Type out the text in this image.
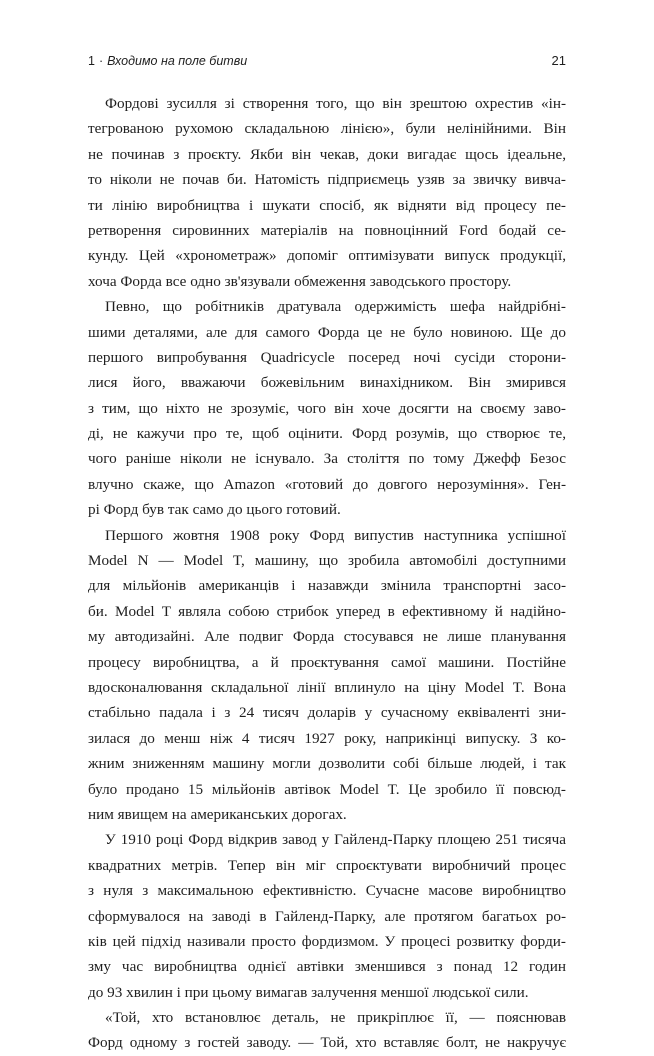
1 · Входимо на поле битви	21
Фордові зусилля зі створення того, що він зрештою охрестив «ін-
тегрованою рухомою складальною лінією», були нелінійними. Він
не починав з проєкту. Якби він чекав, доки вигадає щось ідеальне,
то ніколи не почав би. Натомість підприємець узяв за звичку вивча-
ти лінію виробництва і шукати спосіб, як відняти від процесу пе-
ретворення сировинних матеріалів на повноцінний Ford бодай се-
кунду. Цей «хронометраж» допоміг оптимізувати випуск продукції,
хоча Форда все одно зв'язували обмеження заводського простору.
Певно, що робітників дратувала одержимість шефа найдрібні-
шими деталями, але для самого Форда це не було новиною. Ще до
першого випробування Quadricycle посеред ночі сусіди сторони-
лися його, вважаючи божевільним винахідником. Він змирився
з тим, що ніхто не зрозуміє, чого він хоче досягти на своєму заво-
ді, не кажучи про те, щоб оцінити. Форд розумів, що створює те,
чого раніше ніколи не існувало. За століття по тому Джефф Безос
влучно скаже, що Amazon «готовий до довгого нерозуміння». Ген-
рі Форд був так само до цього готовий.
Першого жовтня 1908 року Форд випустив наступника успішної
Model N — Model T, машину, що зробила автомобілі доступними
для мільйонів американців і назавжди змінила транспортні засо-
би. Model T являла собою стрибок уперед в ефективному й надійно-
му автодизайні. Але подвиг Форда стосувався не лише планування
процесу виробництва, а й проєктування самої машини. Постійне
вдосконалювання складальної лінії вплинуло на ціну Model T. Вона
стабільно падала і з 24 тисяч доларів у сучасному еквіваленті зни-
зилася до менш ніж 4 тисяч 1927 року, наприкінці випуску. З ко-
жним зниженням машину могли дозволити собі більше людей, і так
було продано 15 мільйонів автівок Model T. Це зробило її повсюд-
ним явищем на американських дорогах.
У 1910 році Форд відкрив завод у Гайленд-Парку площею 251 тисяча
квадратних метрів. Тепер він міг спроєктувати виробничий процес
з нуля з максимальною ефективністю. Сучасне масове виробництво
сформувалося на заводі в Гайленд-Парку, але протягом багатьох ро-
ків цей підхід називали просто фордизмом. У процесі розвитку форди-
зму час виробництва однієї автівки зменшився з понад 12 годин
до 93 хвилин і при цьому вимагав залучення меншої людської сили.
«Той, хто встановлює деталь, не прикріплює її, — пояснював
Форд одному з гостей заводу. — Той, хто вставляє болт, не накручує
